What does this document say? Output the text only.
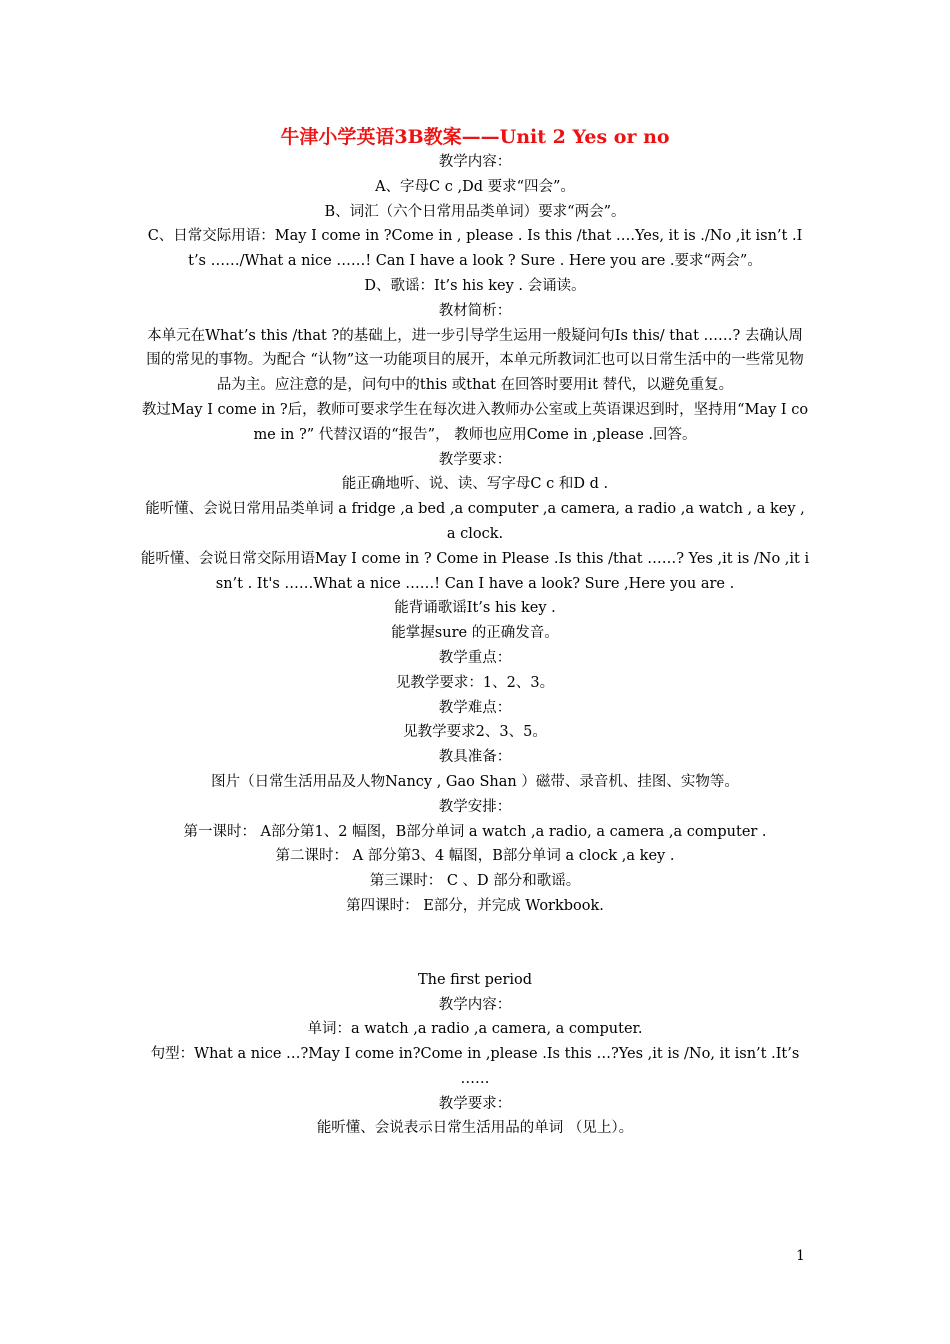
牛津小学英语3B教案——Unit 2 Yes or no

教学内容：

A、字母C c ,Dd 要求“四会”。

B、词汇（六个日常用品类单词）要求“两会”。

C、日常交际用语：May I come in ?Come in , please . Is this /that ….Yes, it is ./No ,it isn’t .It’s ……/What a nice ……! Can I have a look ? Sure . Here you are .要求“两会”。

D、歌谣：It’s his key . 会诵读。

教材简析：

本单元在What’s this /that ?的基础上，进一步引导学生运用一般疑问句Is this/ that ……? 去确认周围的常见的事物。为配合 “认物”这一功能项目的展开，本单元所教词汇也可以日常生活中的一些常见物品为主。应注意的是，问句中的this 或that 在回答时要用it 替代，以避免重复。

教过May I come in ?后，教师可要求学生在每次进入教师办公室或上英语课迟到时，坚持用“May I come in ?” 代替汉语的“报告”， 教师也应用Come in ,please .回答。

教学要求：

能正确地听、说、读、写字母C c 和D d .

能听懂、会说日常用品类单词 a fridge ,a bed ,a computer ,a camera, a radio ,a watch , a key , a clock.

能听懂、会说日常交际用语May I come in ? Come in Please .Is this /that ……? Yes ,it is /No ,it isn’t . It's ……What a nice ……! Can I have a look? Sure ,Here you are .

能背诵歌谣It’s his key .

能掌握sure 的正确发音。

教学重点：

见教学要求：1、2、3。

教学难点：

见教学要求2、3、5。

教具准备：

图片（日常生活用品及人物Nancy , Gao Shan ）磁带、录音机、挂图、实物等。

教学安排：

第一课时： A部分第1、2 幅图，B部分单词 a watch ,a radio, a camera ,a computer .

第二课时： A 部分第3、4 幅图，B部分单词 a clock ,a key .

第三课时： C 、D 部分和歌谣。

第四课时： E部分，并完成 Workbook.

The first period

教学内容：

单词：a watch ,a radio ,a camera, a computer.

句型：What a nice …?May I come in?Come in ,please .Is this …?Yes ,it is /No, it isn’t .It’s ……

教学要求：

能听懂、会说表示日常生活用品的单词 （见上）。

1
